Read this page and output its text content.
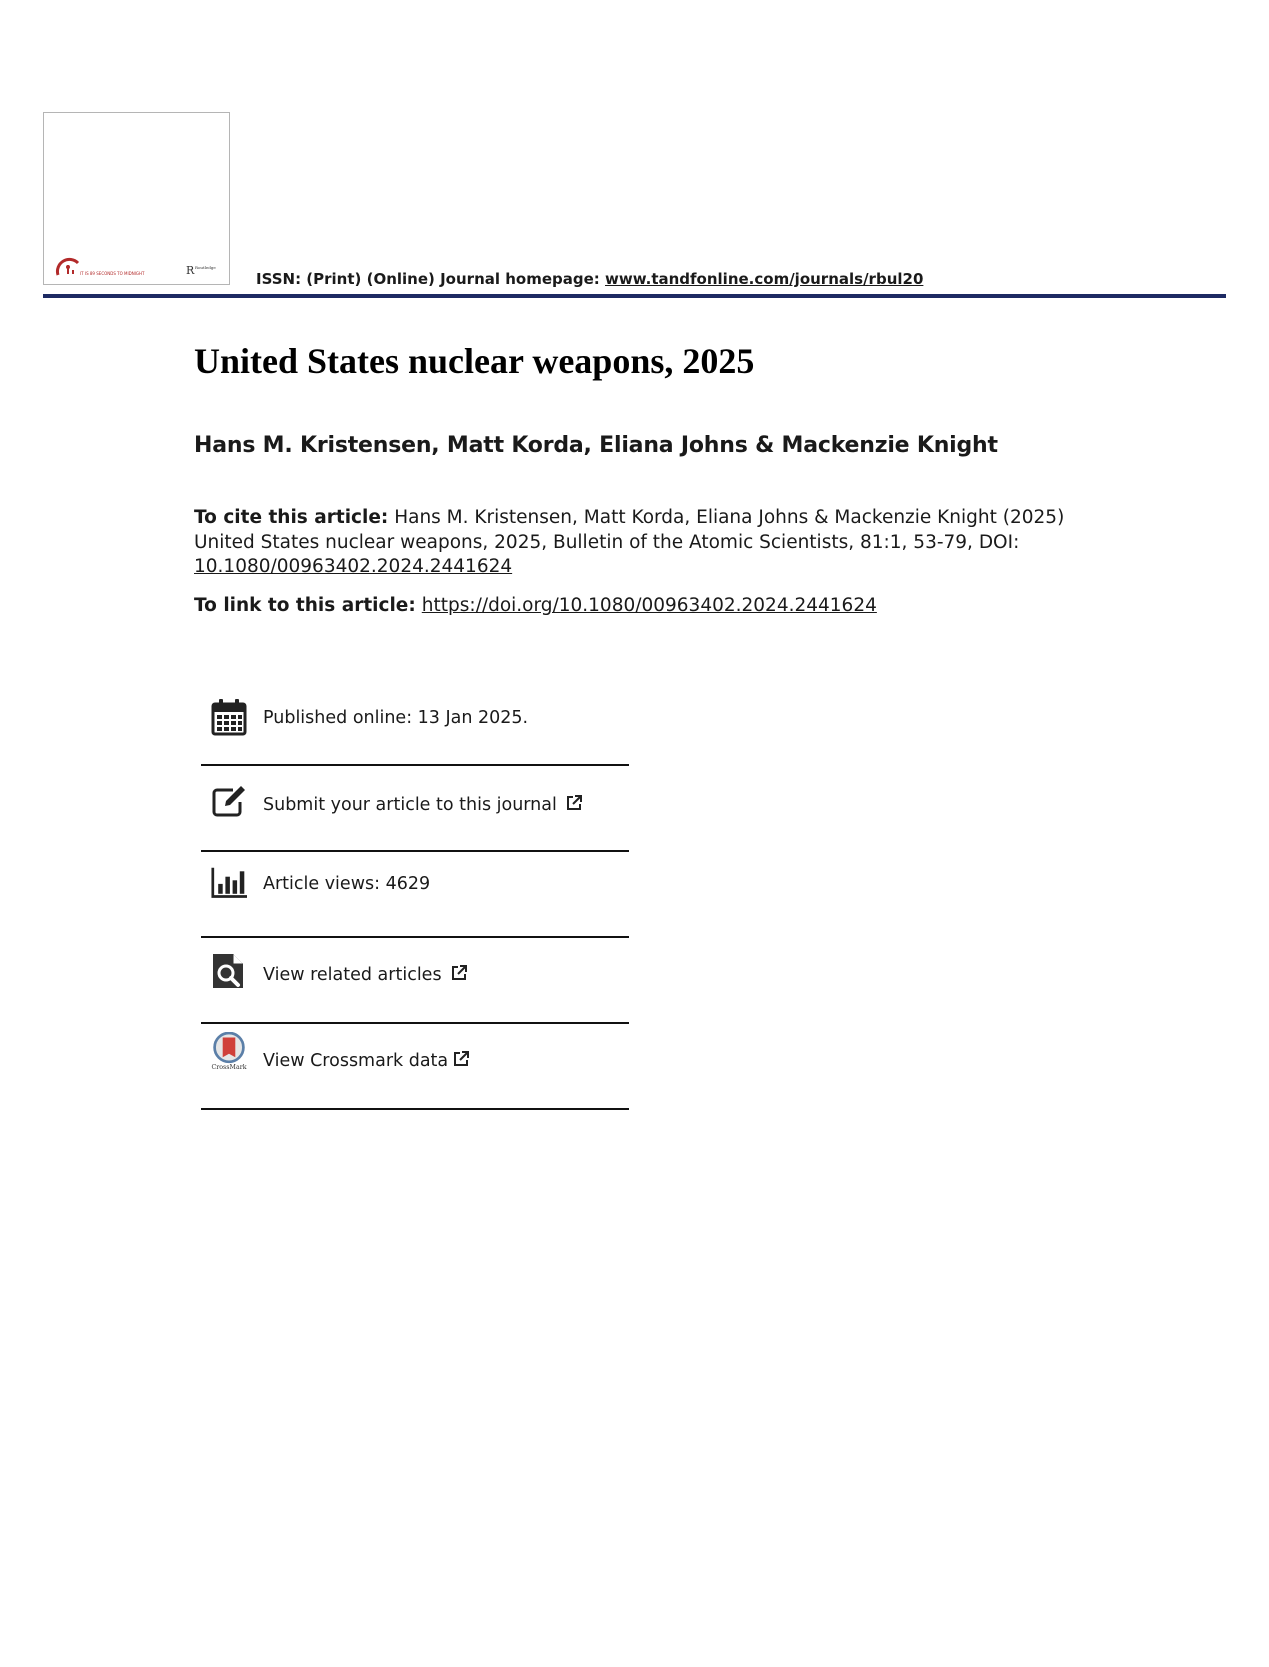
IT IS 89 SECONDS TO MIDNIGHT	R Routledge
ISSN: (Print) (Online) Journal homepage: www.tandfonline.com/journals/rbul20
United States nuclear weapons, 2025
Hans M. Kristensen, Matt Korda, Eliana Johns & Mackenzie Knight
To cite this article: Hans M. Kristensen, Matt Korda, Eliana Johns & Mackenzie Knight (2025)
United States nuclear weapons, 2025, Bulletin of the Atomic Scientists, 81:1, 53-79, DOI:
10.1080/00963402.2024.2441624
To link to this article: https://doi.org/10.1080/00963402.2024.2441624
Published online: 13 Jan 2025.
Submit your article to this journal
Article views: 4629
View related articles
CrossMark View Crossmark data
